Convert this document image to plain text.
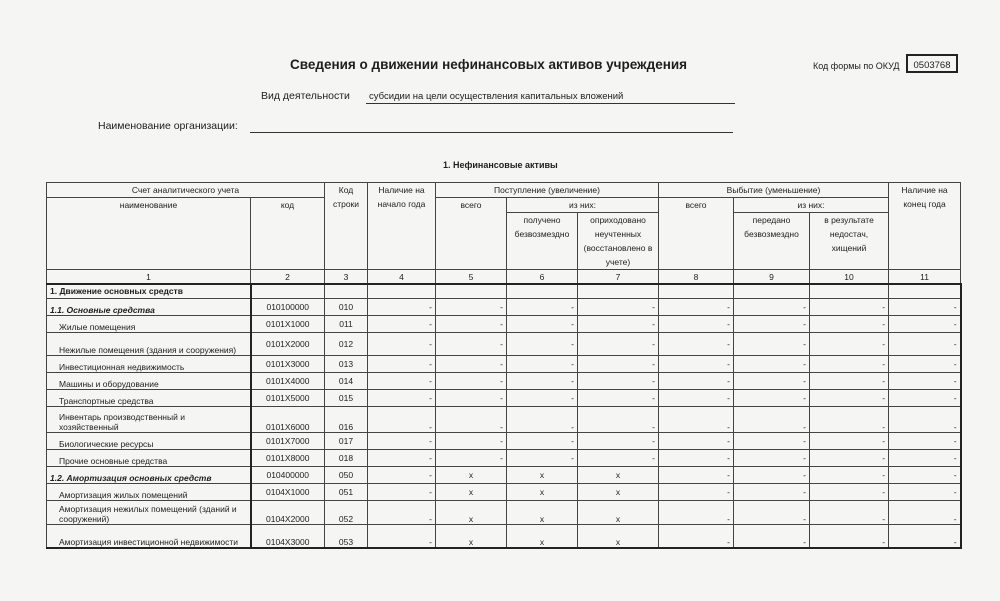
Сведения о движении нефинансовых активов учреждения	Код формы по ОКУД	0503768
Вид деятельности	субсидии на цели осуществления капитальных вложений
Наименование организации:
1. Нефинансовые активы
Счет аналитического учета		Код строки	Наличие на начало года	Поступление (увеличение)			Выбытие (уменьшение)			Наличие на конец года
наименование	код			всего	из них:		всего	из них:		
					получено безвозмездно	оприходовано неучтенных (восстановлено в учете)		передано безвозмездно	в результате недостач, хищений	
1	2	3	4	5	6	7	8	9	10	11
1. Движение основных средств										
1.1. Основные средства	010100000	010	-	-	-	-	-	-	-	-
Жилые помещения	0101X1000	011	-	-	-	-	-	-	-	-
Нежилые помещения (здания и сооружения)	0101X2000	012	-	-	-	-	-	-	-	-
Инвестиционная недвижимость	0101X3000	013	-	-	-	-	-	-	-	-
Машины и оборудование	0101X4000	014	-	-	-	-	-	-	-	-
Транспортные средства	0101X5000	015	-	-	-	-	-	-	-	-
Инвентарь производственный и хозяйственный	0101X6000	016	-	-	-	-	-	-	-	-
Биологические ресурсы	0101X7000	017	-	-	-	-	-	-	-	-
Прочие основные средства	0101X8000	018	-	-	-	-	-	-	-	-
1.2. Амортизация основных средств	010400000	050	-	x	x	x	-	-	-	-
Амортизация жилых помещений	0104X1000	051	-	x	x	x	-	-	-	-
Амортизация нежилых помещений (зданий и сооружений)	0104X2000	052	-	x	x	x	-	-	-	-
Амортизация инвестиционной недвижимости	0104X3000	053	-	x	x	x	-	-	-	-
